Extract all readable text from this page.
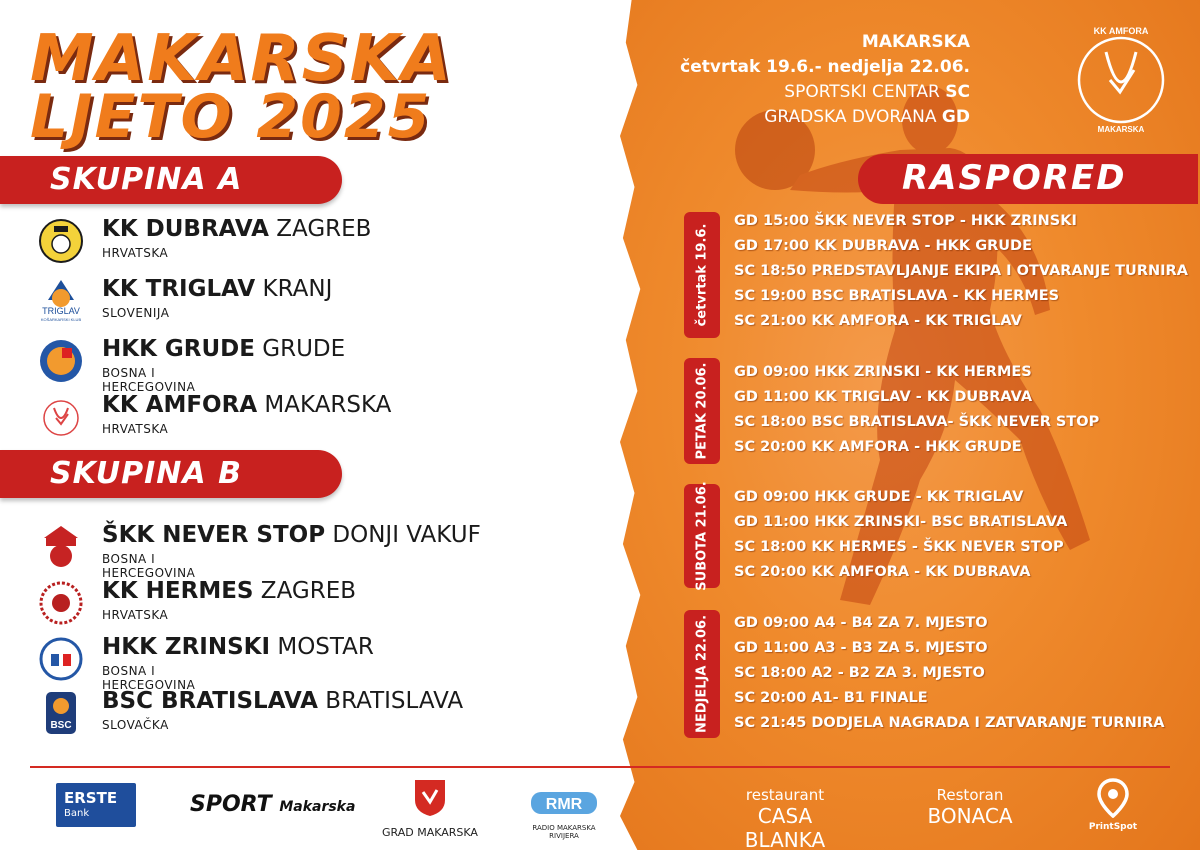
MAKARSKA
LJETO 2025
SKUPINA A
KK DUBRAVA ZAGREB
HRVATSKA
TRIGLAV
KOŠARKARSKI KLUB
KK TRIGLAV KRANJ
SLOVENIJA
HKK GRUDE GRUDE
BOSNA I HERCEGOVINA
KK AMFORA MAKARSKA
HRVATSKA
SKUPINA B
ŠKK NEVER STOP DONJI VAKUF
BOSNA I HERCEGOVINA
KK HERMES ZAGREB
HRVATSKA
HKK ZRINSKI MOSTAR
BOSNA I HERCEGOVINA
BSC
BSC BRATISLAVA BRATISLAVA
SLOVAČKA
MAKARSKA
četvrtak 19.6.- nedjelja 22.06.
SPORTSKI CENTAR SC
GRADSKA DVORANA GD
KK AMFORA
MAKARSKA
RASPORED
četvrtak 19.6.
PETAK 20.06.
SUBOTA 21.06.
NEDJELJA 22.06.
GD 15:00 ŠKK NEVER STOP - HKK ZRINSKI
GD 17:00 KK DUBRAVA - HKK GRUDE
SC 18:50 PREDSTAVLJANJE EKIPA I OTVARANJE TURNIRA
SC 19:00 BSC BRATISLAVA - KK HERMES
SC 21:00 KK AMFORA - KK TRIGLAV
GD 09:00 HKK ZRINSKI - KK HERMES
GD 11:00 KK TRIGLAV - KK DUBRAVA
SC 18:00 BSC BRATISLAVA- ŠKK NEVER STOP
SC 20:00 KK AMFORA - HKK GRUDE
GD 09:00 HKK GRUDE - KK TRIGLAV
GD 11:00 HKK ZRINSKI- BSC BRATISLAVA
SC 18:00 KK HERMES - ŠKK NEVER STOP
SC 20:00 KK AMFORA - KK DUBRAVA
GD 09:00 A4 - B4 ZA 7. MJESTO
GD 11:00 A3 - B3 ZA 5. MJESTO
SC 18:00 A2 - B2 ZA 3. MJESTO
SC 20:00 A1- B1 FINALE
SC 21:45 DODJELA NAGRADA I ZATVARANJE TURNIRA
ERSTE
Bank	SPORT Makarska
GRAD MAKARSKA
RMR
RADIO MAKARSKA RIVIJERA
restaurant
CASA BLANKA
Restoran
BONACA	PrintSpot
